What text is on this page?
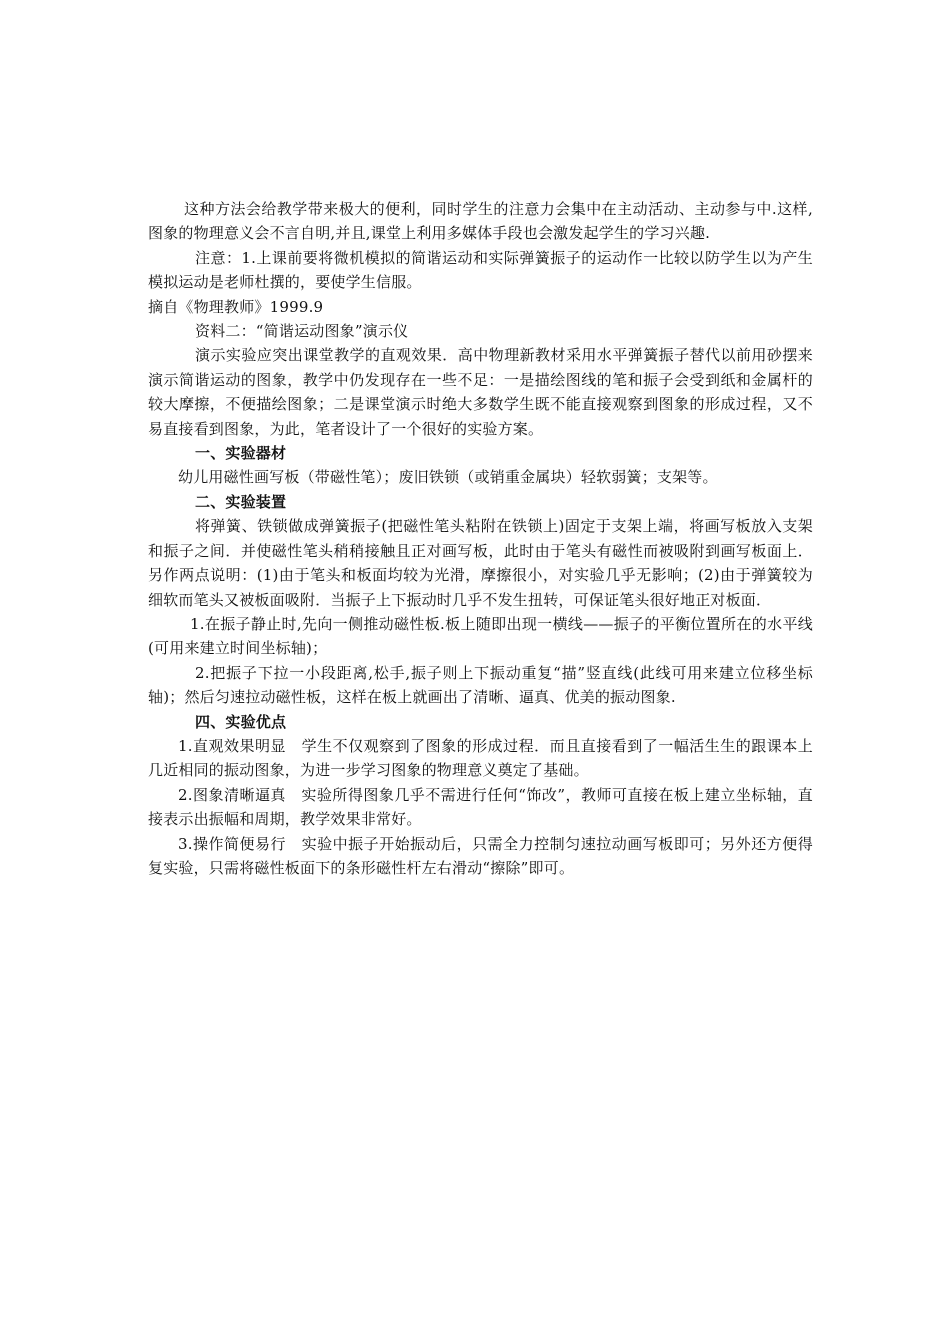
这种方法会给教学带来极大的便利，同时学生的注意力会集中在主动活动、主动参与中.这样,图象的物理意义会不言自明,并且,课堂上利用多媒体手段也会激发起学生的学习兴趣.

注意：1.上课前要将微机模拟的简谐运动和实际弹簧振子的运动作一比较以防学生以为产生模拟运动是老师杜撰的，要使学生信服。

摘自《物理教师》1999.9

资料二：“简谐运动图象”演示仪

演示实验应突出课堂教学的直观效果．高中物理新教材采用水平弹簧振子替代以前用砂摆来演示简谐运动的图象，教学中仍发现存在一些不足：一是描绘图线的笔和振子会受到纸和金属杆的较大摩擦，不便描绘图象；二是课堂演示时绝大多数学生既不能直接观察到图象的形成过程，又不易直接看到图象，为此，笔者设计了一个很好的实验方案。

一、实验器材

幼儿用磁性画写板（带磁性笔）；废旧铁锁（或销重金属块）轻软弱簧；支架等。

二、实验装置

将弹簧、铁锁做成弹簧振子(把磁性笔头粘附在铁锁上)固定于支架上端，将画写板放入支架和振子之间．并使磁性笔头稍稍接触且正对画写板，此时由于笔头有磁性而被吸附到画写板面上．另作两点说明：(1)由于笔头和板面均较为光滑，摩擦很小，对实验几乎无影响；(2)由于弹簧较为细软而笔头又被板面吸附．当振子上下振动时几乎不发生扭转，可保证笔头很好地正对板面．

1.在振子静止时,先向一侧推动磁性板.板上随即出现一横线——振子的平衡位置所在的水平线(可用来建立时间坐标轴)；

2.把振子下拉一小段距离,松手,振子则上下振动重复“描”竖直线(此线可用来建立位移坐标轴)；然后匀速拉动磁性板，这样在板上就画出了清晰、逼真、优美的振动图象.

四、实验优点

1.直观效果明显　学生不仅观察到了图象的形成过程．而且直接看到了一幅活生生的跟课本上几近相同的振动图象，为进一步学习图象的物理意义奠定了基础。

2.图象清晰逼真　实验所得图象几乎不需进行任何“饰改”，教师可直接在板上建立坐标轴，直接表示出振幅和周期，教学效果非常好。

3.操作简便易行　实验中振子开始振动后，只需全力控制匀速拉动画写板即可；另外还方便得复实验，只需将磁性板面下的条形磁性杆左右滑动“擦除”即可。
